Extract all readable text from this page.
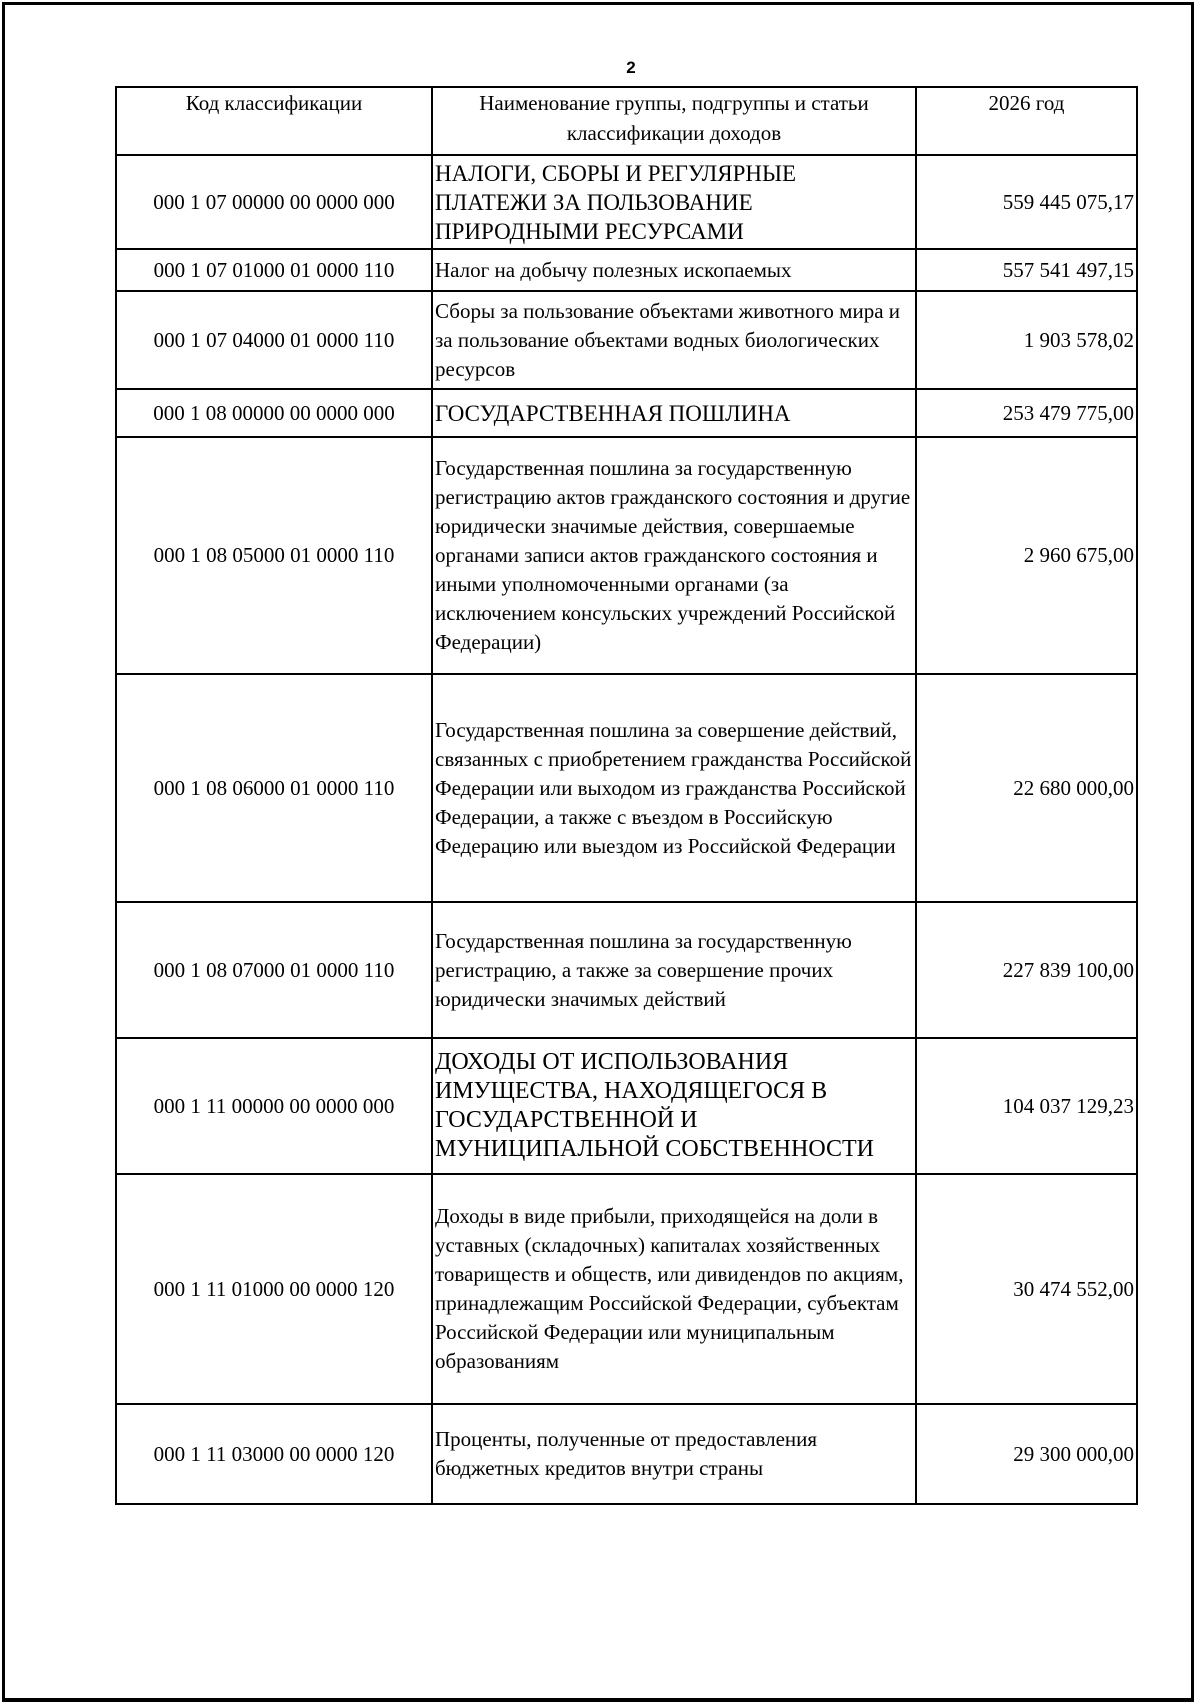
2
Код классификации	Наименование группы, подгруппы и статьи классификации доходов	2026 год
000 1 07 00000 00 0000 000	НАЛОГИ, СБОРЫ И РЕГУЛЯРНЫЕ ПЛАТЕЖИ ЗА ПОЛЬЗОВАНИЕ ПРИРОДНЫМИ РЕСУРСАМИ	559 445 075,17
000 1 07 01000 01 0000 110	Налог на добычу полезных ископаемых	557 541 497,15
000 1 07 04000 01 0000 110	Сборы за пользование объектами животного мира и за пользование объектами водных биологических ресурсов	1 903 578,02
000 1 08 00000 00 0000 000	ГОСУДАРСТВЕННАЯ ПОШЛИНА	253 479 775,00
000 1 08 05000 01 0000 110	Государственная пошлина за государственную регистрацию актов гражданского состояния и другие юридически значимые действия, совершаемые органами записи актов гражданского состояния и иными уполномоченными органами (за исключением консульских учреждений Российской Федерации)	2 960 675,00
000 1 08 06000 01 0000 110	Государственная пошлина за совершение действий, связанных с приобретением гражданства Российской Федерации или выходом из гражданства Российской Федерации, а также с въездом в Российскую Федерацию или выездом из Российской Федерации	22 680 000,00
000 1 08 07000 01 0000 110	Государственная пошлина за государственную регистрацию, а также за совершение прочих юридически значимых действий	227 839 100,00
000 1 11 00000 00 0000 000	ДОХОДЫ ОТ ИСПОЛЬЗОВАНИЯ ИМУЩЕСТВА, НАХОДЯЩЕГОСЯ В ГОСУДАРСТВЕННОЙ И МУНИЦИПАЛЬНОЙ СОБСТВЕННОСТИ	104 037 129,23
000 1 11 01000 00 0000 120	Доходы в виде прибыли, приходящейся на доли в уставных (складочных) капиталах хозяйственных товариществ и обществ, или дивидендов по акциям, принадлежащим Российской Федерации, субъектам Российской Федерации или муниципальным образованиям	30 474 552,00
000 1 11 03000 00 0000 120	Проценты, полученные от предоставления бюджетных кредитов внутри страны	29 300 000,00
